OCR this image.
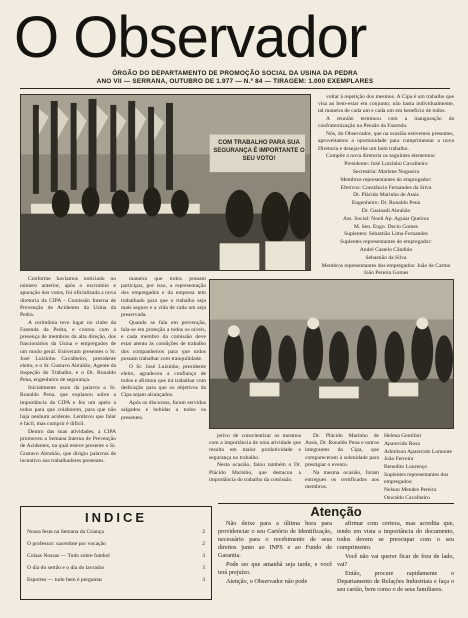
O Observador
ÓRGÃO DO DEPARTAMENTO DE PROMOÇÃO SOCIAL DA USINA DA PEDRA
ANO VII — SERRANA, OUTUBRO DE 1.977 — N.º 84 — TIRAGEM: 1.000 EXEMPLARES
COM TRABALHO PARA SUA SEGURANÇA É IMPORTANTE O SEU VOTO!

voltar à repetição dos mesmos. A Cipa é um trabalho que visa ao bem-estar em conjunto; não basta individualmente, tal maneira de cada um e cada um em benefício de todos.

A reunião terminou com a inauguração da confraternização na Pensão da Fazenda.

Nós, do Observador, que na ocasião estivemos presentes, aproveitamos a oportunidade para cumprimentar a nova Diretoria e desejar-lhe um bom trabalho.

Compõe a nova diretoria os seguintes elementos:

Presidente: José Luizinho Cavalheiro

Secretária: Marlene Nogueira

Membros representantes do empregador:

Efetivos: Constâncio Fernandes da Silva

Dr. Plácido Marinho de Assis

Engenheiro: Dr. Ronaldo Pena

Dr. Gasinadi Abrahão

Ass. Social: Noeli Ap. Aguiar Queiroz

M. Sen. Engo. Decio Gomes

Suplentes: Sebastião Lima Fernandes

Suplentes representantes do empregador:

André Castelo Cândido

Sebastião da Silva

Membros representantes dos empregados: João de Carmo

João Pereira Gomes

Conforme havíamos noticiado no número anterior, após o escrutínio e apuração dos votos, foi oficializada a nova diretoria da CIPA - Comissão Interna de Prevenção de Acidentes da Usina da Pedra.

A cerimônia teve lugar no clube da Fazenda da Pedra, e contou com a presença de membros da alta direção, dos funcionários da Usina e empregados de um modo geral. Estiveram presentes o Sr. José Luizinho Cavalheiro, presidente eleito, e o Sr. Gustavo Abrahão, Agente da Inspeção do Trabalho, e o Dr. Ronaldo Pena, engenheiro de segurança.

Inicialmente usou da palavra o Sr. Ronaldo Pena, que explanou sobre a importância da CIPA e fez um apelo a todos para que colaborem, para que não haja nenhum acidente. Lembrou que falar é fácil, mas cumprir é difícil.

Dentro das suas atividades, a CIPA promoveu a Semana Interna de Prevenção de Acidentes, na qual esteve presente o Sr. Gustavo Abrahão, que dirigiu palavras de incentivo aos trabalhadores presentes.

maneira que todos possam participar, por isso, a representação dos empregados e da empresa tem trabalhado para que o trabalho seja mais seguro e a vida de cada um seja preservada.

Quando se fala em prevenção, fala-se em proteção a todos os níveis, e cada membro da comissão deve estar atento às condições de trabalho dos companheiros para que todos possam trabalhar com tranquilidade.

O Sr. José Luizinho, presidente eleito, agradeceu a confiança de todos e afirmou que irá trabalhar com dedicação para que os objetivos da Cipa sejam alcançados.

Após os discursos, foram servidos salgados e bebidas a todos os presentes.

jetivo de conscientizar os mesmos com a importância de uma atividade que resulta em maior produtividade e segurança no trabalho.

Nesta ocasião, falou também o Dr. Plácido Marinho, que destacou a importância do trabalho da comissão.

Dr. Plácido Marinho de Assis, Dr. Ronaldo Pena e outros integrantes da Cipa, que compareceram à solenidade para prestigiar o evento.

Na mesma ocasião, foram entregues os certificados aos membros.

Helena Gentilini

Aparecido Rosa

Admilson Aparecido Lumonte

João Ferreira

Benedito Lourenço

Suplentes representantes dos empregados:

Nelson Mendes Pereira

Oswaldo Cavalheiro

INDICE
Nossa festa na Semana da Criança	2
O professor: sacerdote por vocação	2
Coisas Nossas — Tudo sobre futebol	3
O dia do sertão e o dia do lavrador	3
Esportes — tudo bem é perguntar	3
Atenção

Não deixe para a última hora para providenciar o seu Cartório de Identificação, necessário para o recebimento de seus direitos junto ao INPS e ao Fundo de Garantia.

Pode ser que amanhã seja tarde, e você terá prejuízo.

Atenção, o Observador não pode

afirmar com certeza, mas acredita que, tendo em vista a importância do documento, todos devem se preocupar com o seu cumprimento.

Você não vai querer ficar de fora de lado, vai?

Então, procure rapidamente o Departamento de Relações Industriais e faça o seu cartão, bem como o de seus familiares.
